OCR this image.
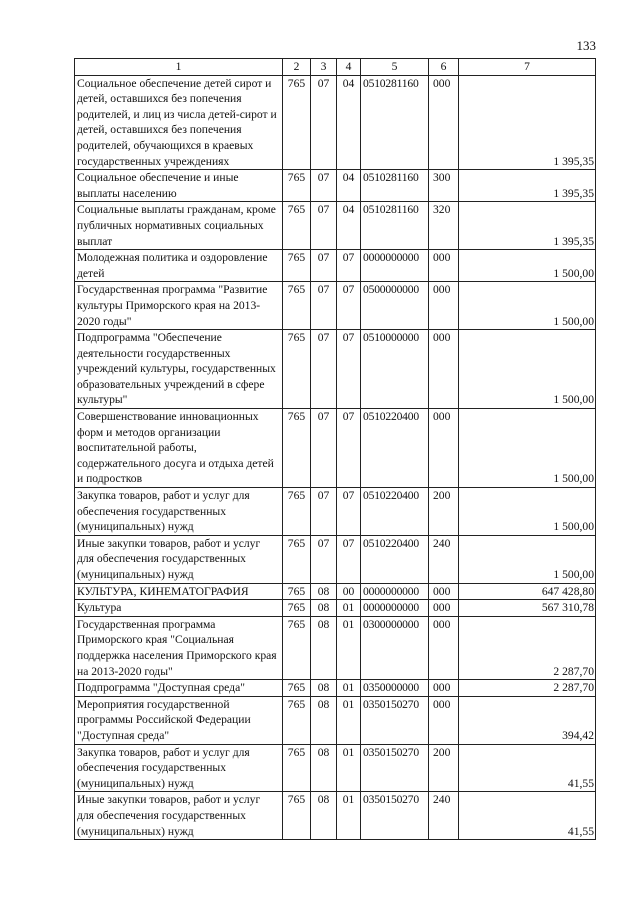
133
1	2	3	4	5	6	7
Социальное обеспечение детей сирот и детей, оставшихся без попечения родителей, и лиц из числа детей-сирот и детей, оставшихся без попечения родителей, обучающихся в краевых государственных учреждениях	765	07	04	0510281160	000	1 395,35
Социальное обеспечение и иные выплаты населению	765	07	04	0510281160	300	1 395,35
Социальные выплаты гражданам, кроме публичных нормативных социальных выплат	765	07	04	0510281160	320	1 395,35
Молодежная политика и оздоровление детей	765	07	07	0000000000	000	1 500,00
Государственная программа "Развитие культуры Приморского края на 2013-2020 годы"	765	07	07	0500000000	000	1 500,00
Подпрограмма "Обеспечение деятельности государственных учреждений культуры, государственных образовательных учреждений в сфере культуры"	765	07	07	0510000000	000	1 500,00
Совершенствование инновационных форм и методов организации воспитательной работы, содержательного досуга и отдыха детей и подростков	765	07	07	0510220400	000	1 500,00
Закупка товаров, работ и услуг для обеспечения государственных (муниципальных) нужд	765	07	07	0510220400	200	1 500,00
Иные закупки товаров, работ и услуг для обеспечения государственных (муниципальных) нужд	765	07	07	0510220400	240	1 500,00
КУЛЬТУРА, КИНЕМАТОГРАФИЯ	765	08	00	0000000000	000	647 428,80
Культура	765	08	01	0000000000	000	567 310,78
Государственная программа Приморского края "Социальная поддержка населения Приморского края на 2013-2020 годы"	765	08	01	0300000000	000	2 287,70
Подпрограмма "Доступная среда"	765	08	01	0350000000	000	2 287,70
Мероприятия государственной программы Российской Федерации "Доступная среда"	765	08	01	0350150270	000	394,42
Закупка товаров, работ и услуг для обеспечения государственных (муниципальных) нужд	765	08	01	0350150270	200	41,55
Иные закупки товаров, работ и услуг для обеспечения государственных (муниципальных) нужд	765	08	01	0350150270	240	41,55
